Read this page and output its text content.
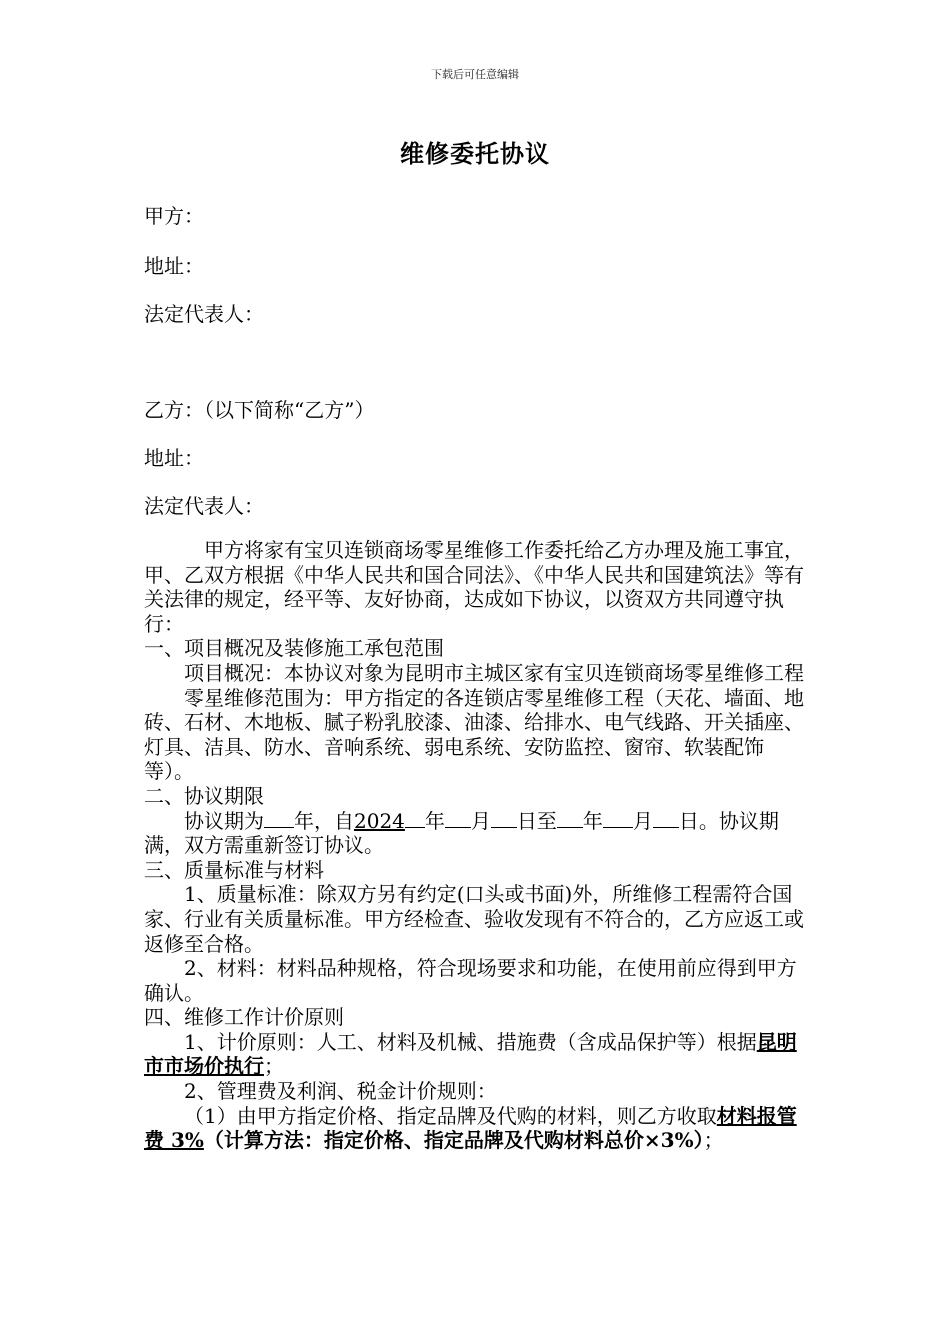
下载后可任意编辑
维修委托协议
甲方：
地址：
法定代表人：
乙方：（以下简称“乙方”）
地址：
法定代表人：

甲方将家有宝贝连锁商场零星维修工作委托给乙方办理及施工事宜，甲、乙双方根据《中华人民共和国合同法》、《中华人民共和国建筑法》等有关法律的规定，经平等、友好协商，达成如下协议，以资双方共同遵守执行：

一、项目概况及装修施工承包范围

项目概况：本协议对象为昆明市主城区家有宝贝连锁商场零星维修工程

零星维修范围为：甲方指定的各连锁店零星维修工程（天花、墙面、地砖、石材、木地板、腻子粉乳胶漆、油漆、给排水、电气线路、开关插座、灯具、洁具、防水、音响系统、弱电系统、安防监控、窗帘、软装配饰等）。

二、协议期限

协议期为 年，自2024 年 月 日至 年 月 日。协议期满，双方需重新签订协议。

三、质量标准与材料

1、质量标准：除双方另有约定(口头或书面)外，所维修工程需符合国家、行业有关质量标准。甲方经检查、验收发现有不符合的，乙方应返工或返修至合格。

2、材料：材料品种规格，符合现场要求和功能，在使用前应得到甲方确认。

四、维修工作计价原则

1、计价原则：人工、材料及机械、措施费（含成品保护等）根据昆明市市场价执行；

2、管理费及利润、税金计价规则：

（1）由甲方指定价格、指定品牌及代购的材料，则乙方收取材料报管费 3%（计算方法：指定价格、指定品牌及代购材料总价×3%）；
